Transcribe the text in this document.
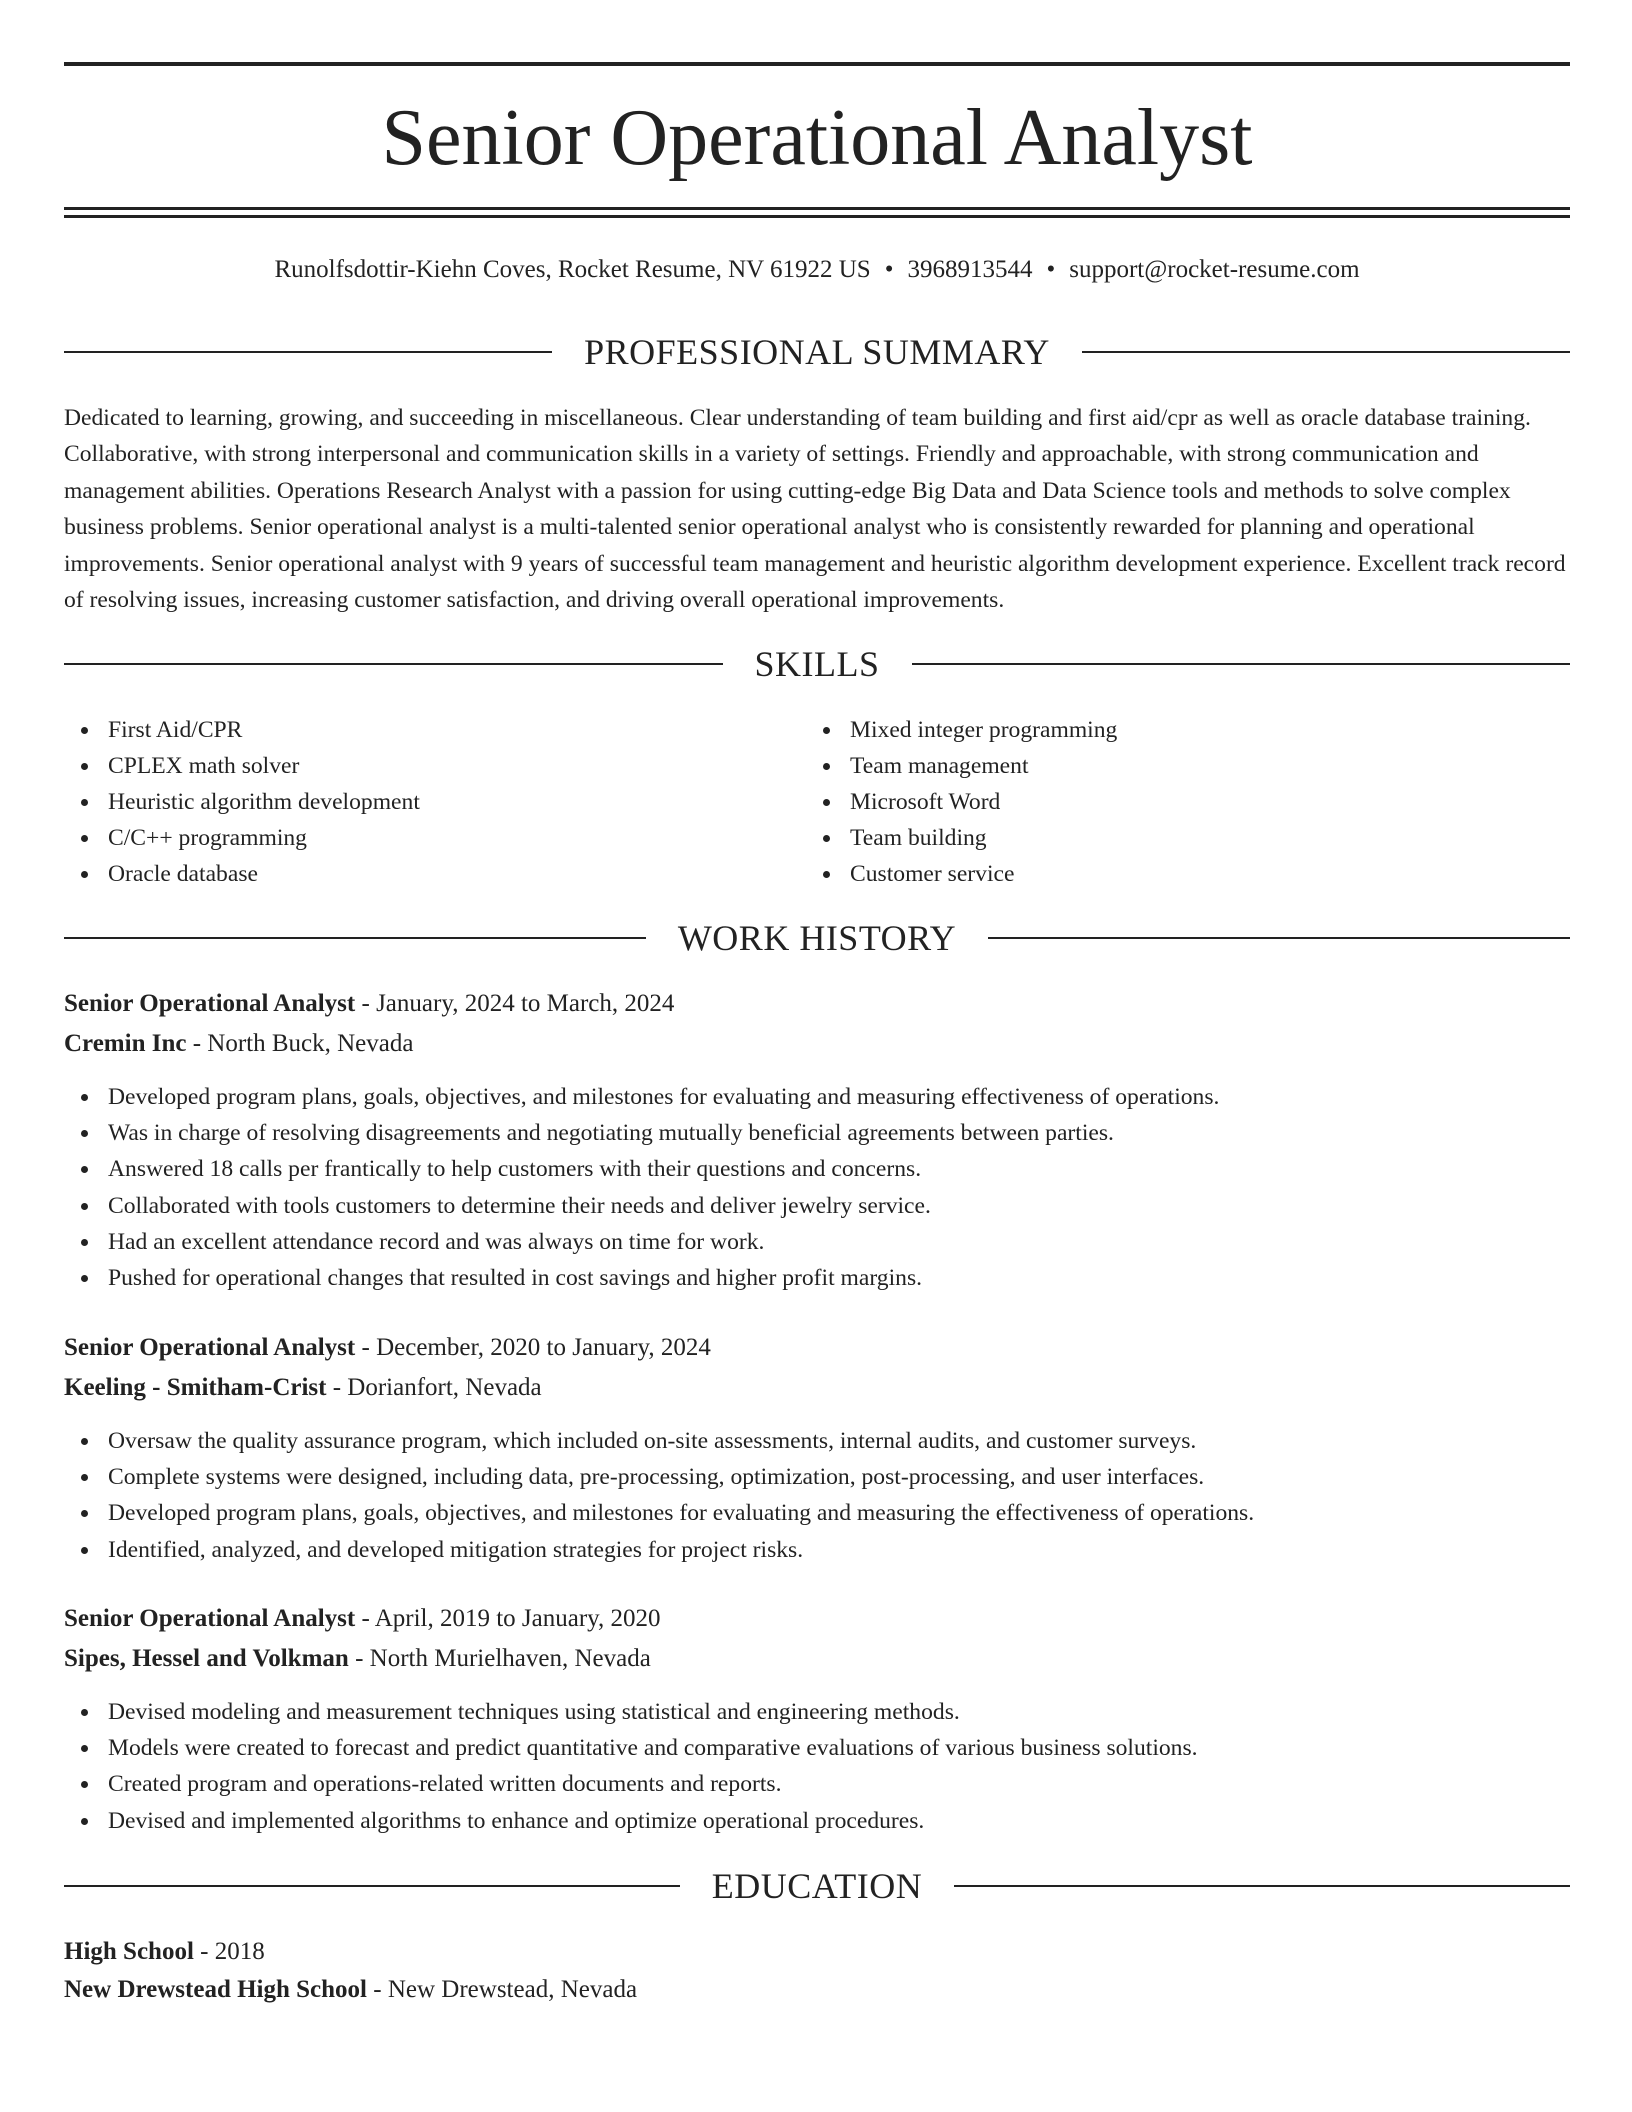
Senior Operational Analyst
Runolfsdottir-Kiehn Coves, Rocket Resume, NV 61922 US • 3968913544 • support@rocket-resume.com
PROFESSIONAL SUMMARY
Dedicated to learning, growing, and succeeding in miscellaneous. Clear understanding of team building and first aid/cpr as well as oracle database training. Collaborative, with strong interpersonal and communication skills in a variety of settings. Friendly and approachable, with strong communication and management abilities. Operations Research Analyst with a passion for using cutting-edge Big Data and Data Science tools and methods to solve complex business problems. Senior operational analyst is a multi-talented senior operational analyst who is consistently rewarded for planning and operational improvements. Senior operational analyst with 9 years of successful team management and heuristic algorithm development experience. Excellent track record of resolving issues, increasing customer satisfaction, and driving overall operational improvements.
SKILLS
First Aid/CPR
CPLEX math solver
Heuristic algorithm development
C/C++ programming
Oracle database
Mixed integer programming
Team management
Microsoft Word
Team building
Customer service
WORK HISTORY
Senior Operational Analyst - January, 2024 to March, 2024
Cremin Inc - North Buck, Nevada
Developed program plans, goals, objectives, and milestones for evaluating and measuring effectiveness of operations.
Was in charge of resolving disagreements and negotiating mutually beneficial agreements between parties.
Answered 18 calls per frantically to help customers with their questions and concerns.
Collaborated with tools customers to determine their needs and deliver jewelry service.
Had an excellent attendance record and was always on time for work.
Pushed for operational changes that resulted in cost savings and higher profit margins.
Senior Operational Analyst - December, 2020 to January, 2024
Keeling - Smitham-Crist - Dorianfort, Nevada
Oversaw the quality assurance program, which included on-site assessments, internal audits, and customer surveys.
Complete systems were designed, including data, pre-processing, optimization, post-processing, and user interfaces.
Developed program plans, goals, objectives, and milestones for evaluating and measuring the effectiveness of operations.
Identified, analyzed, and developed mitigation strategies for project risks.
Senior Operational Analyst - April, 2019 to January, 2020
Sipes, Hessel and Volkman - North Murielhaven, Nevada
Devised modeling and measurement techniques using statistical and engineering methods.
Models were created to forecast and predict quantitative and comparative evaluations of various business solutions.
Created program and operations-related written documents and reports.
Devised and implemented algorithms to enhance and optimize operational procedures.
EDUCATION
High School - 2018
New Drewstead High School - New Drewstead, Nevada
